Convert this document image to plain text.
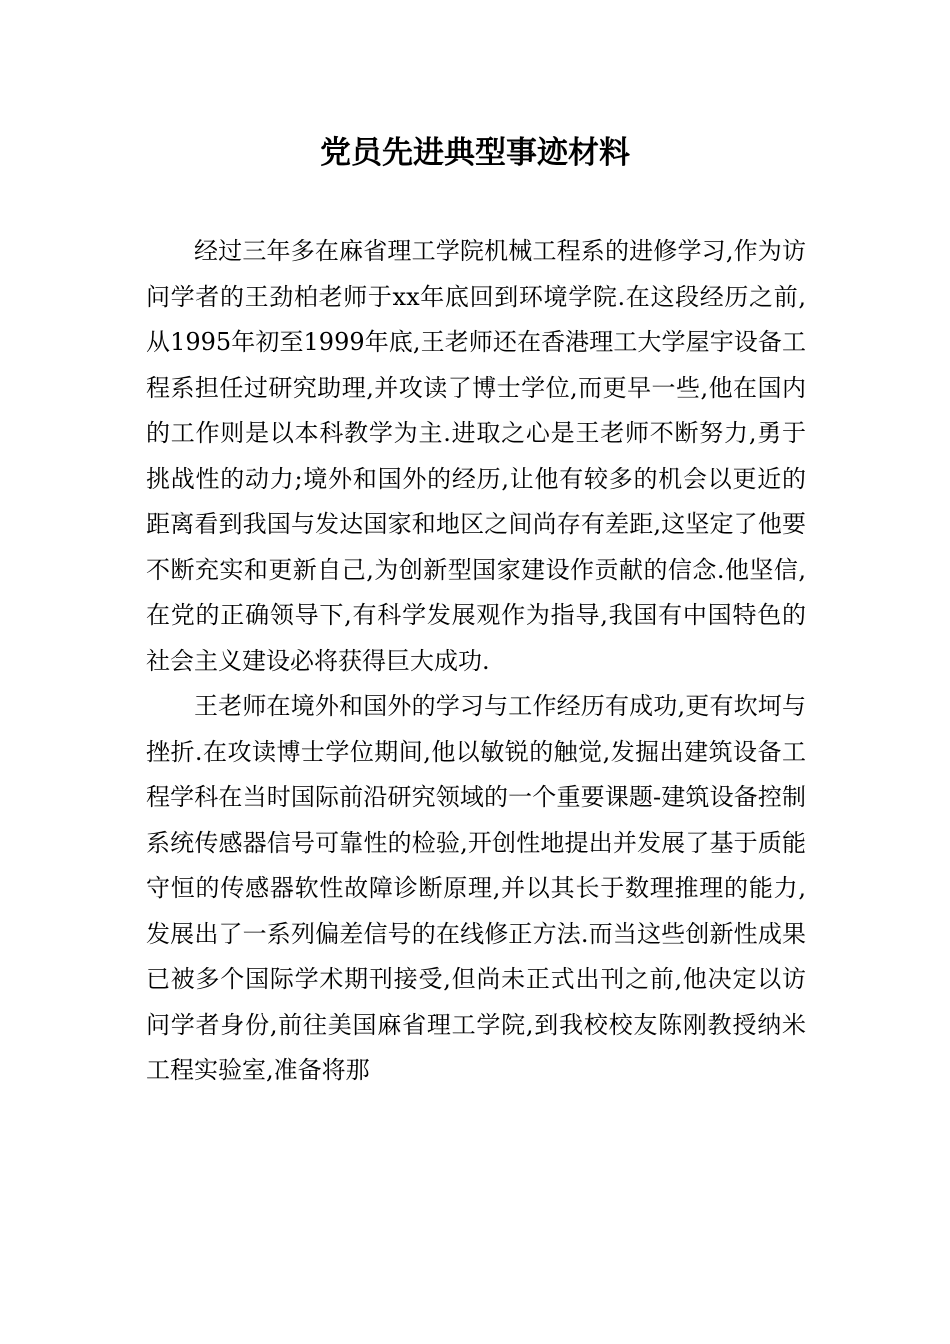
党员先进典型事迹材料

经过三年多在麻省理工学院机械工程系的进修学习,作为访问学者的王劲柏老师于xx年底回到环境学院.在这段经历之前,从1995年初至1999年底,王老师还在香港理工大学屋宇设备工程系担任过研究助理,并攻读了博士学位,而更早一些,他在国内的工作则是以本科教学为主.进取之心是王老师不断努力,勇于挑战性的动力;境外和国外的经历,让他有较多的机会以更近的距离看到我国与发达国家和地区之间尚存有差距,这坚定了他要不断充实和更新自己,为创新型国家建设作贡献的信念.他坚信,在党的正确领导下,有科学发展观作为指导,我国有中国特色的社会主义建设必将获得巨大成功.

王老师在境外和国外的学习与工作经历有成功,更有坎坷与挫折.在攻读博士学位期间,他以敏锐的触觉,发掘出建筑设备工程学科在当时国际前沿研究领域的一个重要课题-建筑设备控制系统传感器信号可靠性的检验,开创性地提出并发展了基于质能守恒的传感器软性故障诊断原理,并以其长于数理推理的能力,发展出了一系列偏差信号的在线修正方法.而当这些创新性成果已被多个国际学术期刊接受,但尚未正式出刊之前,他决定以访问学者身份,前往美国麻省理工学院,到我校校友陈刚教授纳米工程实验室,准备将那
